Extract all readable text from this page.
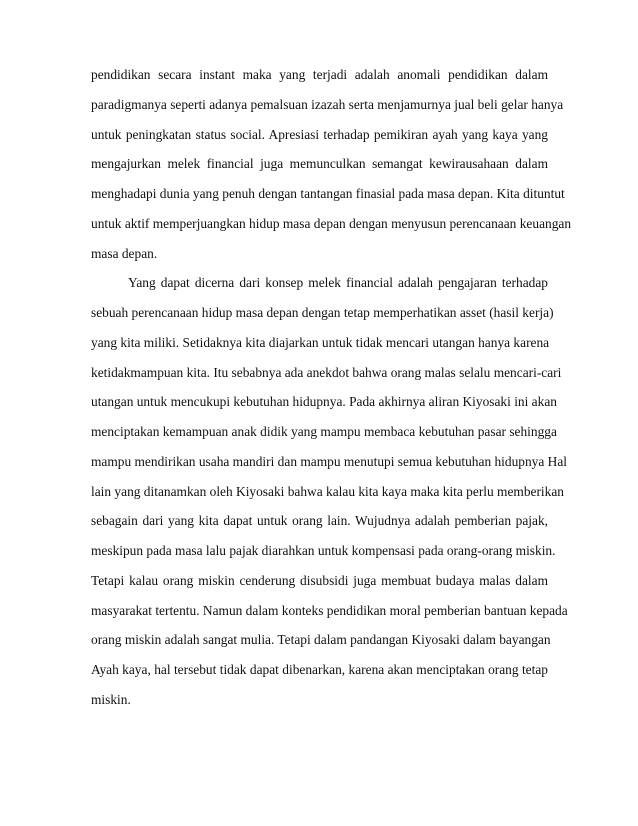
pendidikan secara instant maka yang terjadi adalah anomali pendidikan dalam
paradigmanya seperti adanya pemalsuan izazah serta menjamurnya jual beli gelar hanya
untuk peningkatan status social. Apresiasi terhadap pemikiran ayah yang kaya yang
mengajurkan melek financial juga memunculkan semangat kewirausahaan dalam
menghadapi dunia yang penuh dengan tantangan finasial pada masa depan. Kita dituntut
untuk aktif memperjuangkan hidup masa depan dengan menyusun perencanaan keuangan
masa depan.
Yang dapat dicerna dari konsep melek financial adalah pengajaran terhadap
sebuah perencanaan hidup masa depan dengan tetap memperhatikan asset (hasil kerja)
yang kita miliki. Setidaknya kita diajarkan untuk tidak mencari utangan hanya karena
ketidakmampuan kita. Itu sebabnya ada anekdot bahwa orang malas selalu mencari-cari
utangan untuk mencukupi kebutuhan hidupnya. Pada akhirnya aliran Kiyosaki ini akan
menciptakan kemampuan anak didik yang mampu membaca kebutuhan pasar sehingga
mampu mendirikan usaha mandiri dan mampu menutupi semua kebutuhan hidupnya Hal
lain yang ditanamkan oleh Kiyosaki bahwa kalau kita kaya maka kita perlu memberikan
sebagain dari yang kita dapat untuk orang lain. Wujudnya adalah pemberian pajak,
meskipun pada masa lalu pajak diarahkan untuk kompensasi pada orang-orang miskin.
Tetapi kalau orang miskin cenderung disubsidi juga membuat budaya malas dalam
masyarakat tertentu. Namun dalam konteks pendidikan moral pemberian bantuan kepada
orang miskin adalah sangat mulia. Tetapi dalam pandangan Kiyosaki dalam bayangan
Ayah kaya, hal tersebut tidak dapat dibenarkan, karena akan menciptakan orang tetap
miskin.
